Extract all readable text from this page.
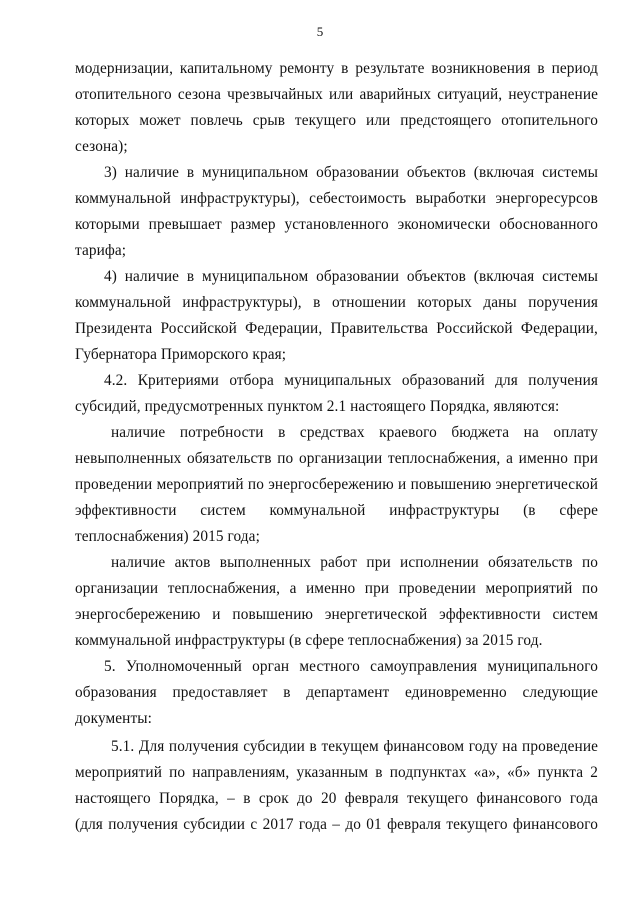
5
модернизации, капитальному ремонту в результате возникновения в период
отопительного сезона чрезвычайных или аварийных ситуаций, неустранение
которых может повлечь срыв текущего или предстоящего отопительного
сезона);
3) наличие в муниципальном образовании объектов (включая системы
коммунальной инфраструктуры), себестоимость выработки энергоресурсов
которыми превышает размер установленного экономически обоснованного
тарифа;
4) наличие в муниципальном образовании объектов (включая системы
коммунальной инфраструктуры), в отношении которых даны поручения
Президента Российской Федерации, Правительства Российской Федерации,
Губернатора Приморского края;
4.2. Критериями отбора муниципальных образований для получения
субсидий, предусмотренных пунктом 2.1 настоящего Порядка, являются:
наличие потребности в средствах краевого бюджета на оплату
невыполненных обязательств по организации теплоснабжения, а именно при
проведении мероприятий по энергосбережению и повышению энергетической
эффективности систем коммунальной инфраструктуры (в сфере
теплоснабжения) 2015 года;
наличие актов выполненных работ при исполнении обязательств по
организации теплоснабжения, а именно при проведении мероприятий по
энергосбережению и повышению энергетической эффективности систем
коммунальной инфраструктуры (в сфере теплоснабжения) за 2015 год.
5. Уполномоченный орган местного самоуправления муниципального
образования предоставляет в департамент единовременно следующие
документы:
5.1. Для получения субсидии в текущем финансовом году на проведение
мероприятий по направлениям, указанным в подпунктах «а», «б» пункта 2
настоящего Порядка, – в срок до 20 февраля текущего финансового года
(для получения субсидии с 2017 года – до 01 февраля текущего финансового
